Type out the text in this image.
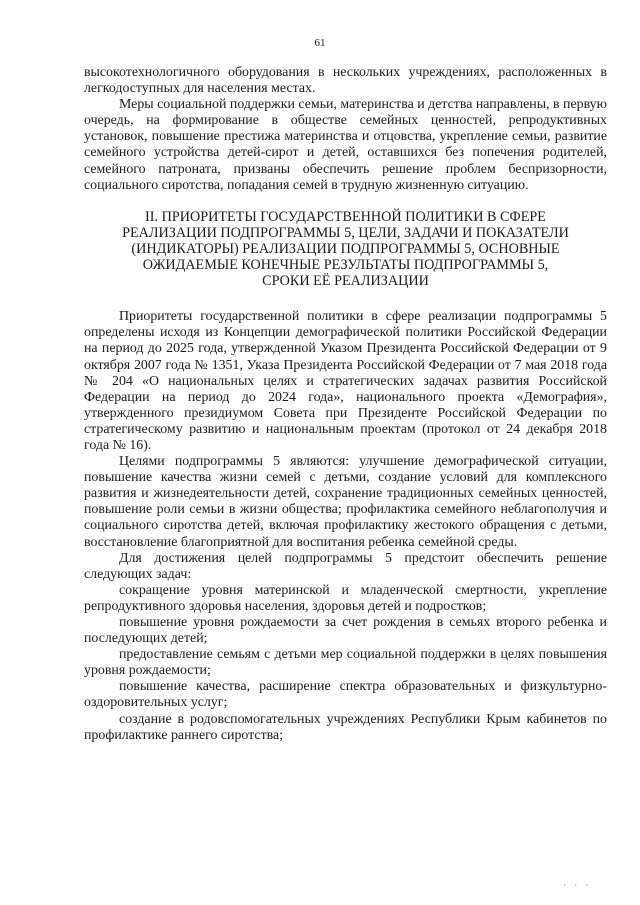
61

высокотехнологичного оборудования в нескольких учреждениях, расположенных в легкодоступных для населения местах.

Меры социальной поддержки семьи, материнства и детства направлены, в первую очередь, на формирование в обществе семейных ценностей, репродуктивных установок, повышение престижа материнства и отцовства, укрепление семьи, развитие семейного устройства детей-сирот и детей, оставшихся без попечения родителей, семейного патроната, призваны обеспечить решение проблем беспризорности, социального сиротства, попадания семей в трудную жизненную ситуацию.

II. ПРИОРИТЕТЫ ГОСУДАРСТВЕННОЙ ПОЛИТИКИ В СФЕРЕ
РЕАЛИЗАЦИИ ПОДПРОГРАММЫ 5, ЦЕЛИ, ЗАДАЧИ И ПОКАЗАТЕЛИ
(ИНДИКАТОРЫ) РЕАЛИЗАЦИИ ПОДПРОГРАММЫ 5, ОСНОВНЫЕ
ОЖИДАЕМЫЕ КОНЕЧНЫЕ РЕЗУЛЬТАТЫ ПОДПРОГРАММЫ 5,
СРОКИ ЕЁ РЕАЛИЗАЦИИ

Приоритеты государственной политики в сфере реализации подпрограммы 5 определены исходя из Концепции демографической политики Российской Федерации на период до 2025 года, утвержденной Указом Президента Российской Федерации от 9 октября 2007 года № 1351, Указа Президента Российской Федерации от 7 мая 2018 года № 204 «О национальных целях и стратегических задачах развития Российской Федерации на период до 2024 года», национального проекта «Демография», утвержденного президиумом Совета при Президенте Российской Федерации по стратегическому развитию и национальным проектам (протокол от 24 декабря 2018 года № 16).

Целями подпрограммы 5 являются: улучшение демографической ситуации, повышение качества жизни семей с детьми, создание условий для комплексного развития и жизнедеятельности детей, сохранение традиционных семейных ценностей, повышение роли семьи в жизни общества; профилактика семейного неблагополучия и социального сиротства детей, включая профилактику жестокого обращения с детьми, восстановление благоприятной для воспитания ребенка семейной среды.

Для достижения целей подпрограммы 5 предстоит обеспечить решение следующих задач:

сокращение уровня материнской и младенческой смертности, укрепление репродуктивного здоровья населения, здоровья детей и подростков;

повышение уровня рождаемости за счет рождения в семьях второго ребенка и последующих детей;

предоставление семьям с детьми мер социальной поддержки в целях повышения уровня рождаемости;

повышение качества, расширение спектра образовательных и физкультурно-оздоровительных услуг;

создание в родовспомогательных учреждениях Республики Крым кабинетов по профилактике раннего сиротства;

· · ·
